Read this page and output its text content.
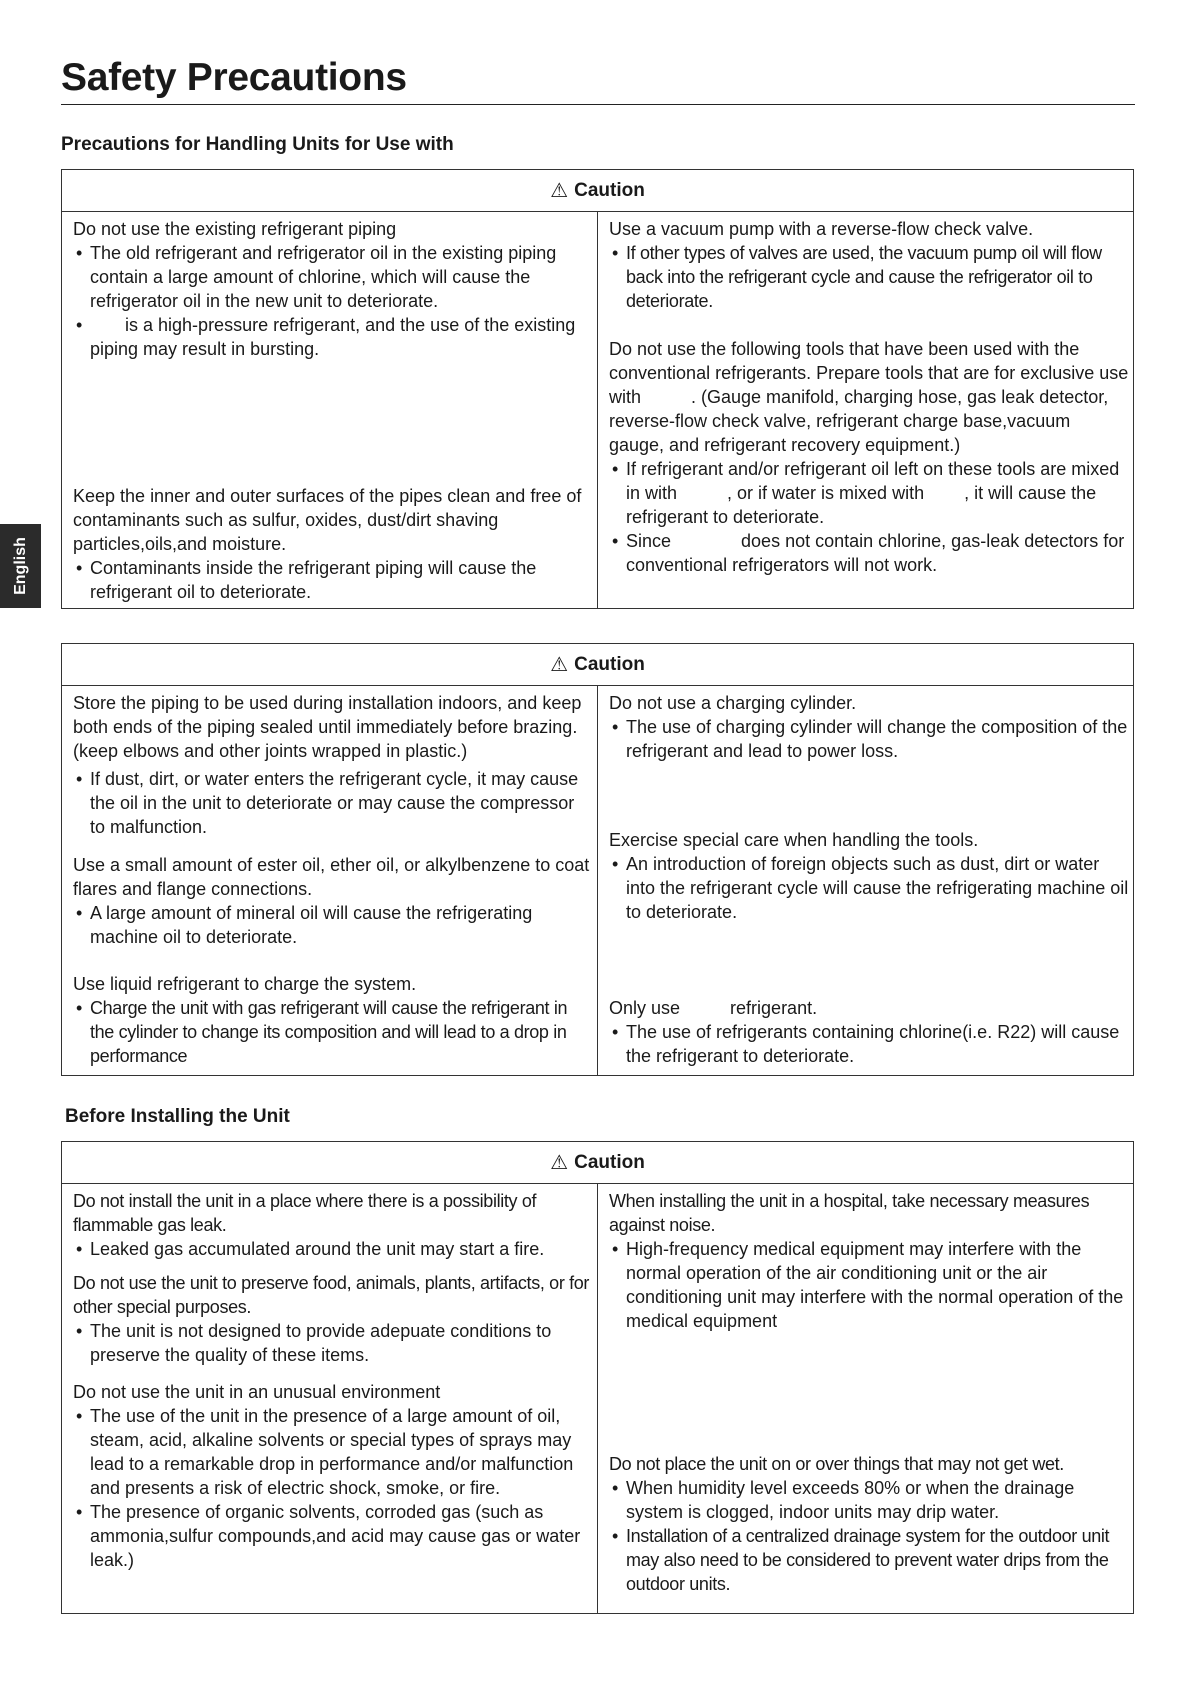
Safety Precautions
English
Precautions for Handling Units for Use with
⚠ Caution

Do not use the existing refrigerant piping

• The old refrigerant and refrigerator oil in the existing piping contain a large amount of chlorine, which will cause the refrigerator oil in the new unit to deteriorate.

•        is a high-pressure refrigerant, and the use of the existing piping may result in bursting.

Keep the inner and outer surfaces of the pipes clean and free of contaminants such as sulfur, oxides, dust/dirt shaving particles,oils,and moisture.

• Contaminants inside the refrigerant piping will cause the refrigerant oil to deteriorate.

Use a vacuum pump with a reverse-flow check valve.

• If other types of valves are used, the vacuum pump oil will flow back into the refrigerant cycle and cause the refrigerator oil to deteriorate.

Do not use the following tools that have been used with the conventional refrigerants. Prepare tools that are for exclusive use with          . (Gauge manifold, charging hose, gas leak detector, reverse-flow check valve, refrigerant charge base,vacuum gauge, and refrigerant recovery equipment.)

• If refrigerant and/or refrigerant oil left on these tools are mixed in with          , or if water is mixed with        , it will cause the refrigerant to deteriorate.

• Since              does not contain chlorine, gas-leak detectors for conventional refrigerators will not work.

⚠ Caution

Store the piping to be used during installation indoors, and keep both ends of the piping sealed until immediately before brazing.(keep elbows and other joints wrapped in plastic.)

• If dust, dirt, or water enters the refrigerant cycle, it may cause the oil in the unit to deteriorate or may cause the compressor to malfunction.

Use a small amount of ester oil, ether oil, or alkylbenzene to coat flares and flange connections.

• A large amount of mineral oil will cause the refrigerating machine oil to deteriorate.

Use liquid refrigerant to charge the system.

• Charge the unit with gas refrigerant will cause the refrigerant in the cylinder to change its composition and will lead to a drop in performance

Do not use a charging cylinder.

• The use of charging cylinder will change the composition of the refrigerant and lead to power loss.

Exercise special care when handling the tools.

• An introduction of foreign objects such as dust, dirt or water into the refrigerant cycle will cause the refrigerating machine oil to deteriorate.

Only use          refrigerant.

• The use of refrigerants containing chlorine(i.e. R22) will cause the refrigerant to deteriorate.

Before Installing the Unit
⚠ Caution

Do not install the unit in a place where there is a possibility of flammable gas leak.

• Leaked gas accumulated around the unit may start a fire.

Do not use the unit to preserve food, animals, plants, artifacts, or for other special purposes.

• The unit is not designed to provide adepuate conditions to preserve the quality of these items.

Do not use the unit in an unusual environment

• The use of the unit in the presence of a large amount of oil, steam, acid, alkaline solvents or special types of sprays may lead to a remarkable drop in performance and/or malfunction and presents a risk of electric shock, smoke, or fire.

• The presence of organic solvents, corroded gas (such as ammonia,sulfur compounds,and acid may cause gas or water leak.)

When installing the unit in a hospital, take necessary measures against noise.

• High-frequency medical equipment may interfere with the normal operation of the air conditioning unit or the air conditioning unit may interfere with the normal operation of the medical equipment

Do not place the unit on or over things that may not get wet.

• When humidity level exceeds 80% or when the drainage system is clogged, indoor units may drip water.

• Installation of a centralized drainage system for the outdoor unit may also need to be considered to prevent water drips from the outdoor units.
